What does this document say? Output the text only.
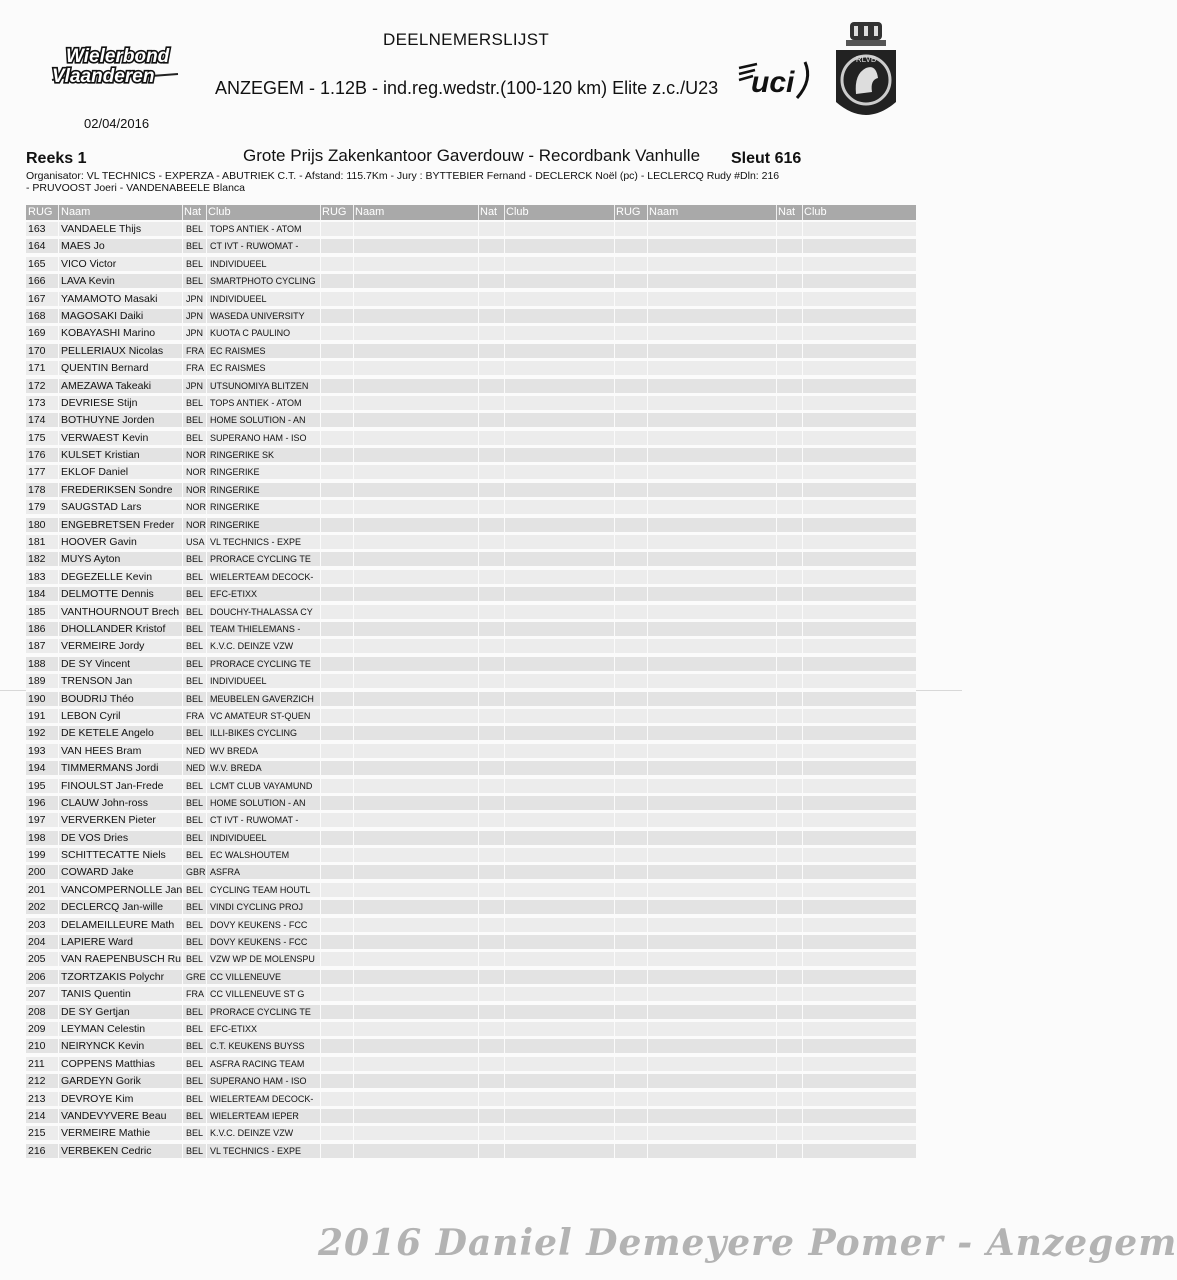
Wielerbond
Vlaanderen	uci
RLVB
DEELNEMERSLIJST
ANZEGEM - 1.12B - ind.reg.wedstr.(100-120 km) Elite z.c./U23
02/04/2016
Reeks 1	Grote Prijs Zakenkantoor Gaverdouw - Recordbank Vanhulle Sleut 616
Organisator: VL TECHNICS - EXPERZA - ABUTRIEK C.T. - Afstand: 115.7Km - Jury : BYTTEBIER Fernand - DECLERCK Noël (pc) - LECLERCQ Rudy #Dln: 216
- PRUVOOST Joeri - VANDENABEELE Blanca
RUG Naam	Nat Club	RUG Naam	Nat Club	RUG Naam	Nat Club
163	VANDAELE Thijs	BEL TOPS ANTIEK - ATOM
164	MAES Jo	BEL CT IVT - RUWOMAT -
165	VICO Victor	BEL INDIVIDUEEL
166	LAVA Kevin	BEL SMARTPHOTO CYCLING
167	YAMAMOTO Masaki	JPN INDIVIDUEEL
168	MAGOSAKI Daiki	JPN WASEDA UNIVERSITY
169	KOBAYASHI Marino	JPN KUOTA C PAULINO
170	PELLERIAUX Nicolas	FRA EC RAISMES
171	QUENTIN Bernard	FRA EC RAISMES
172	AMEZAWA Takeaki	JPN UTSUNOMIYA BLITZEN
173	DEVRIESE Stijn	BEL TOPS ANTIEK - ATOM
174	BOTHUYNE Jorden	BEL HOME SOLUTION - AN
175	VERWAEST Kevin	BEL SUPERANO HAM - ISO
176	KULSET Kristian	NOR RINGERIKE SK
177	EKLOF Daniel	NOR RINGERIKE
178	FREDERIKSEN Sondre	NOR RINGERIKE
179	SAUGSTAD Lars	NOR RINGERIKE
180	ENGEBRETSEN Freder	NOR RINGERIKE
181	HOOVER Gavin	USA VL TECHNICS - EXPE
182	MUYS Ayton	BEL PRORACE CYCLING TE
183	DEGEZELLE Kevin	BEL WIELERTEAM DECOCK-
184	DELMOTTE Dennis	BEL EFC-ETIXX
185	VANTHOURNOUT Brech BEL DOUCHY-THALASSA CY
186	DHOLLANDER Kristof	BEL TEAM THIELEMANS -
187	VERMEIRE Jordy	BEL K.V.C. DEINZE VZW
188	DE SY Vincent	BEL PRORACE CYCLING TE
189	TRENSON Jan	BEL INDIVIDUEEL
190	BOUDRIJ Théo	BEL MEUBELEN GAVERZICH
191	LEBON Cyril	FRA VC AMATEUR ST-QUEN
192	DE KETELE Angelo	BEL ILLI-BIKES CYCLING
193	VAN HEES Bram	NED WV BREDA
194	TIMMERMANS Jordi	NED W.V. BREDA
195	FINOULST Jan-Frede	BEL LCMT CLUB VAYAMUND
196	CLAUW John-ross	BEL HOME SOLUTION - AN
197	VERVERKEN Pieter	BEL CT IVT - RUWOMAT -
198	DE VOS Dries	BEL INDIVIDUEEL
199	SCHITTECATTE Niels	BEL EC WALSHOUTEM
200	COWARD Jake	GBR ASFRA
201	VANCOMPERNOLLE Jan BEL CYCLING TEAM HOUTL
202	DECLERCQ Jan-wille	BEL VINDI CYCLING PROJ
203	DELAMEILLEURE Math	BEL DOVY KEUKENS - FCC
204	LAPIERE Ward	BEL DOVY KEUKENS - FCC
205	VAN RAEPENBUSCH Ru BEL VZW WP DE MOLENSPU
206	TZORTZAKIS Polychr	GRE CC VILLENEUVE
207	TANIS Quentin	FRA CC VILLENEUVE ST G
208	DE SY Gertjan	BEL PRORACE CYCLING TE
209	LEYMAN Celestin	BEL EFC-ETIXX
210	NEIRYNCK Kevin	BEL C.T. KEUKENS BUYSS
211	COPPENS Matthias	BEL ASFRA RACING TEAM
212	GARDEYN Gorik	BEL SUPERANO HAM - ISO
213	DEVROYE Kim	BEL WIELERTEAM DECOCK-
214	VANDEVYVERE Beau	BEL WIELERTEAM IEPER
215	VERMEIRE Mathie	BEL K.V.C. DEINZE VZW
216	VERBEKEN Cedric	BEL VL TECHNICS - EXPE
2016 Daniel Demeyere Pomer - Anzegem
